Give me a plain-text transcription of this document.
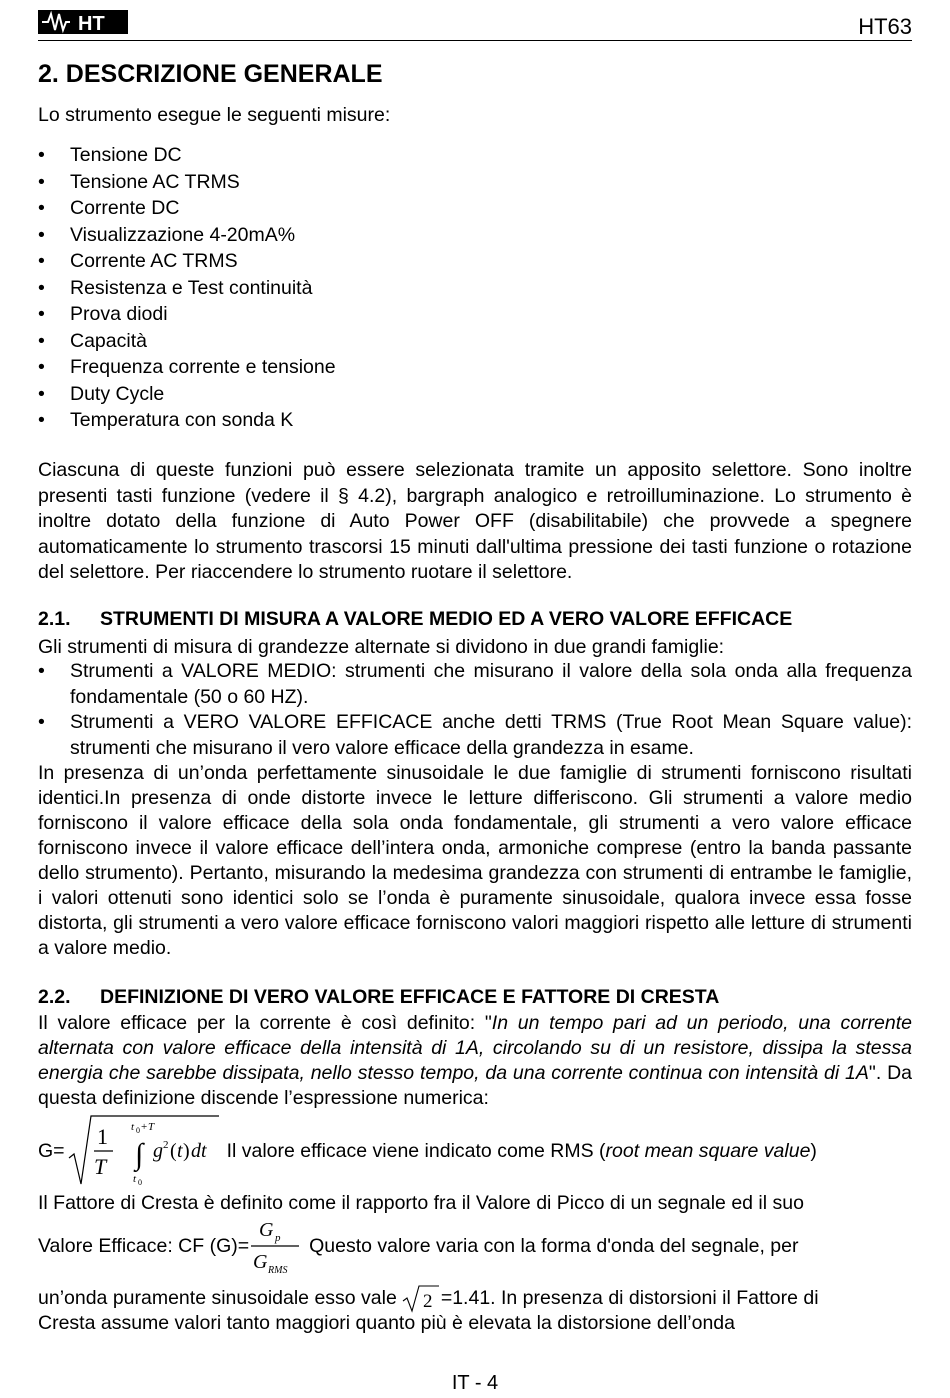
HT	HT63
2. DESCRIZIONE GENERALE
Lo strumento esegue le seguenti misure:
• Tensione DC
• Tensione AC TRMS
• Corrente DC
• Visualizzazione 4-20mA%
• Corrente AC TRMS
• Resistenza e Test continuità
• Prova diodi
• Capacità
• Frequenza corrente e tensione
• Duty Cycle
• Temperatura con sonda K
Ciascuna di queste funzioni può essere selezionata tramite un apposito selettore. Sono inoltre presenti tasti funzione (vedere il § 4.2), bargraph analogico e retroilluminazione. Lo strumento è inoltre dotato della funzione di Auto Power OFF (disabilitabile) che provvede a spegnere automaticamente lo strumento trascorsi 15 minuti dall'ultima pressione dei tasti funzione o rotazione del selettore. Per riaccendere lo strumento ruotare il selettore.
2.1. STRUMENTI DI MISURA A VALORE MEDIO ED A VERO VALORE EFFICACE
Gli strumenti di misura di grandezze alternate si dividono in due grandi famiglie:
• Strumenti a VALORE MEDIO: strumenti che misurano il valore della sola onda alla frequenza fondamentale (50 o 60 HZ).
• Strumenti a VERO VALORE EFFICACE anche detti TRMS (True Root Mean Square value): strumenti che misurano il vero valore efficace della grandezza in esame.
In presenza di un’onda perfettamente sinusoidale le due famiglie di strumenti forniscono risultati identici.In presenza di onde distorte invece le letture differiscono. Gli strumenti a valore medio forniscono il valore efficace della sola onda fondamentale, gli strumenti a vero valore efficace forniscono invece il valore efficace dell’intera onda, armoniche comprese (entro la banda passante dello strumento). Pertanto, misurando la medesima grandezza con strumenti di entrambe le famiglie, i valori ottenuti sono identici solo se l’onda è puramente sinusoidale, qualora invece essa fosse distorta, gli strumenti a vero valore efficace forniscono valori maggiori rispetto alle letture di strumenti a valore medio.
2.2. DEFINIZIONE DI VERO VALORE EFFICACE E FATTORE DI CRESTA
Il valore efficace per la corrente è così definito: "In un tempo pari ad un periodo, una corrente alternata con valore efficace della intensità di 1A, circolando su di un resistore, dissipa la stessa energia che sarebbe dissipata, nello stesso tempo, da una corrente continua con intensità di 1A". Da questa definizione discende l’espressione numerica:
G=
1
T
t 0 + T
∫
t 0
g 2 ( t ) dt Il valore efficace viene indicato come RMS (root mean square value)
Il Fattore di Cresta è definito come il rapporto fra il Valore di Picco di un segnale ed il suo
Valore Efficace: CF (G)=
G p
G RMS
Questo valore varia con la forma d'onda del segnale, per
un’onda puramente sinusoidale esso vale 2 =1.41. In presenza di distorsioni il Fattore di
Cresta assume valori tanto maggiori quanto più è elevata la distorsione dell’onda
IT - 4
